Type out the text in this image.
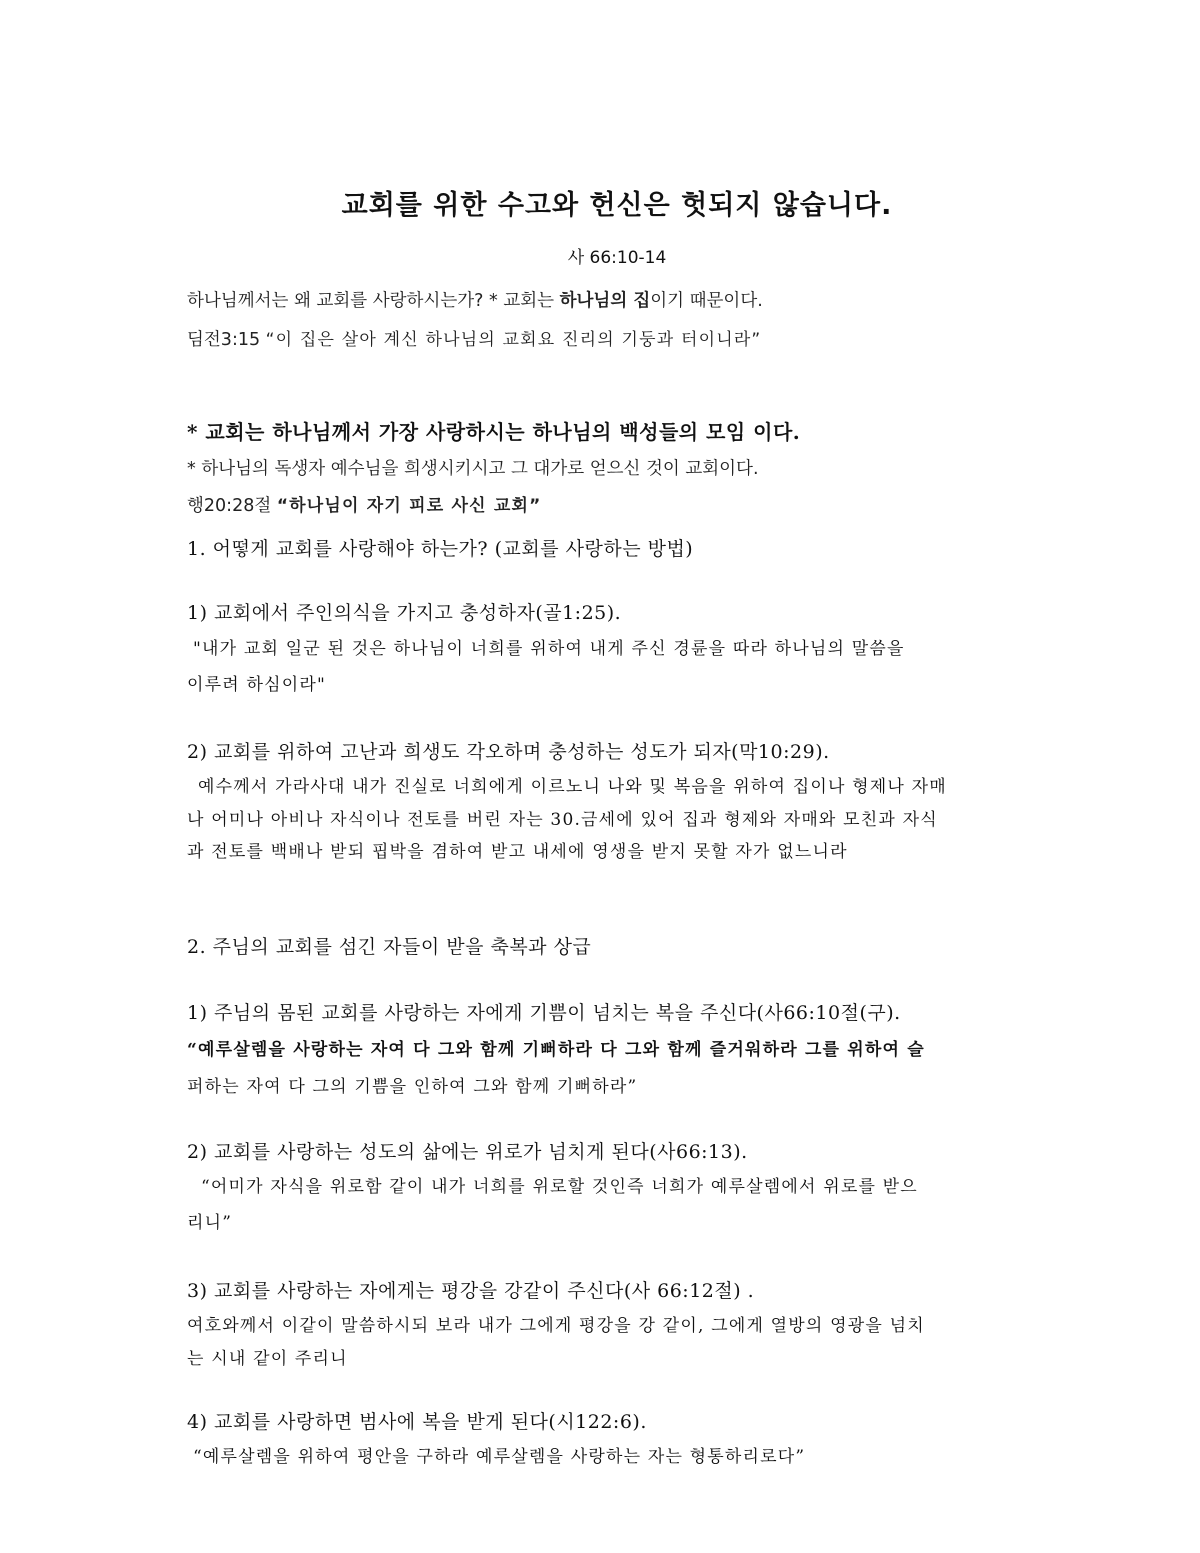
교회를 위한 수고와 헌신은 헛되지 않습니다.
사 66:10-14

하나님께서는 왜 교회를 사랑하시는가? * 교회는 하나님의 집이기 때문이다.

딤전3:15 “이 집은 살아 계신 하나님의 교회요 진리의 기둥과 터이니라”

* 교회는 하나님께서 가장 사랑하시는 하나님의 백성들의 모임 이다.

* 하나님의 독생자 예수님을 희생시키시고 그 대가로 얻으신 것이 교회이다.

행20:28절 “하나님이 자기 피로 사신 교회”

1. 어떻게 교회를 사랑해야 하는가? (교회를 사랑하는 방법)

1) 교회에서 주인의식을 가지고 충성하자(골1:25).

"내가 교회 일군 된 것은 하나님이 너희를 위하여 내게 주신 경륜을 따라 하나님의 말씀을

이루려 하심이라"

2) 교회를 위하여 고난과 희생도 각오하며 충성하는 성도가 되자(막10:29).

예수께서 가라사대 내가 진실로 너희에게 이르노니 나와 및 복음을 위하여 집이나 형제나 자매

나 어미나 아비나 자식이나 전토를 버린 자는 30.금세에 있어 집과 형제와 자매와 모친과 자식

과 전토를 백배나 받되 핍박을 겸하여 받고 내세에 영생을 받지 못할 자가 없느니라

2. 주님의 교회를 섬긴 자들이 받을 축복과 상급

1) 주님의 몸된 교회를 사랑하는 자에게 기쁨이 넘치는 복을 주신다(사66:10절(구).

“예루살렘을 사랑하는 자여 다 그와 함께 기뻐하라 다 그와 함께 즐거워하라 그를 위하여 슬

퍼하는 자여 다 그의 기쁨을 인하여 그와 함께 기뻐하라”

2) 교회를 사랑하는 성도의 삶에는 위로가 넘치게 된다(사66:13).

“어미가 자식을 위로함 같이 내가 너희를 위로할 것인즉 너희가 예루살렘에서 위로를 받으

리니”

3) 교회를 사랑하는 자에게는 평강을 강같이 주신다(사 66:12절) .

여호와께서 이같이 말씀하시되 보라 내가 그에게 평강을 강 같이, 그에게 열방의 영광을 넘치

는 시내 같이 주리니

4) 교회를 사랑하면 범사에 복을 받게 된다(시122:6).

“예루살렘을 위하여 평안을 구하라 예루살렘을 사랑하는 자는 형통하리로다”
